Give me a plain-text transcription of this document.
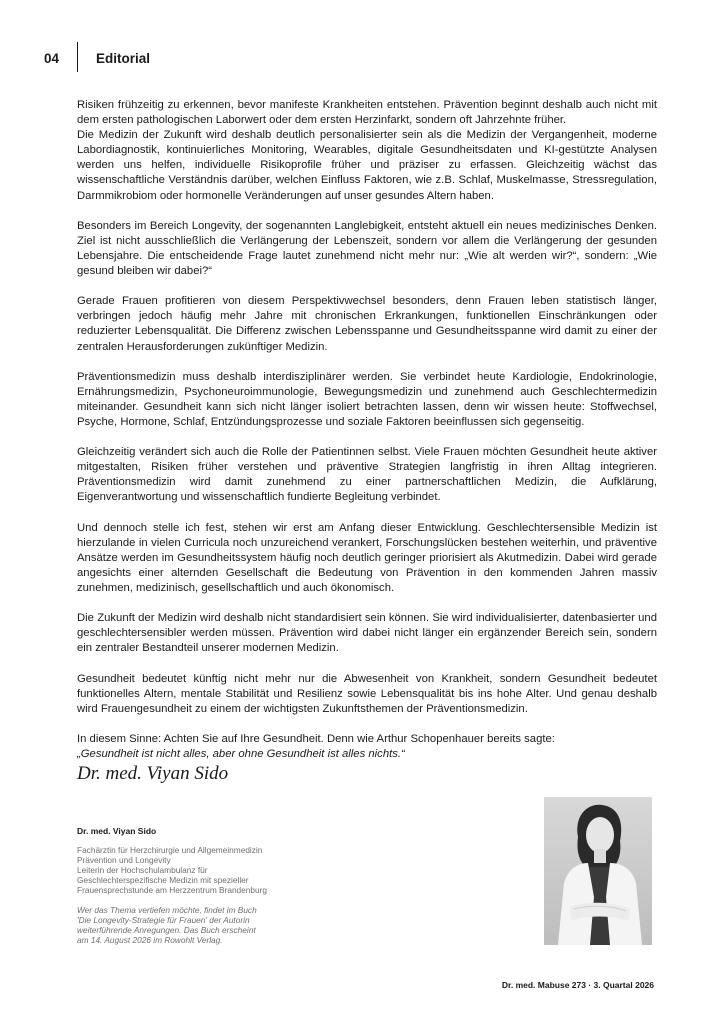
04	Editorial

Risiken frühzeitig zu erkennen, bevor manifeste Krankheiten entstehen. Prävention beginnt deshalb auch nicht mit dem ersten pathologischen Laborwert oder dem ersten Herzinfarkt, sondern oft Jahrzehnte früher.

Die Medizin der Zukunft wird deshalb deutlich personalisierter sein als die Medizin der Vergangenheit, moderne Labordiagnostik, kontinuierliches Monitoring, Wearables, digitale Gesundheitsdaten und KI-gestützte Analysen werden uns helfen, individuelle Risikoprofile früher und präziser zu erfassen. Gleichzeitig wächst das wissenschaftliche Verständnis darüber, welchen Einfluss Faktoren, wie z.B. Schlaf, Muskelmasse, Stressregulation, Darmmikrobiom oder hormonelle Veränderungen auf unser gesundes Altern haben.

Besonders im Bereich Longevity, der sogenannten Langlebigkeit, entsteht aktuell ein neues medizinisches Denken. Ziel ist nicht ausschließlich die Verlängerung der Lebenszeit, sondern vor allem die Verlängerung der gesunden Lebensjahre. Die entscheidende Frage lautet zunehmend nicht mehr nur: „Wie alt werden wir?“, sondern: „Wie gesund bleiben wir dabei?“

Gerade Frauen profitieren von diesem Perspektivwechsel besonders, denn Frauen leben statistisch länger, verbringen jedoch häufig mehr Jahre mit chronischen Erkrankungen, funktionellen Einschränkungen oder reduzierter Lebensqualität. Die Differenz zwischen Lebensspanne und Gesundheitsspanne wird damit zu einer der zentralen Herausforderungen zukünftiger Medizin.

Präventionsmedizin muss deshalb interdisziplinärer werden. Sie verbindet heute Kardiologie, Endokrinologie, Ernährungsmedizin, Psychoneuroimmunologie, Bewegungsmedizin und zunehmend auch Geschlechtermedizin miteinander. Gesundheit kann sich nicht länger isoliert betrachten lassen, denn wir wissen heute: Stoffwechsel, Psyche, Hormone, Schlaf, Entzündungsprozesse und soziale Faktoren beeinflussen sich gegenseitig.

Gleichzeitig verändert sich auch die Rolle der Patientinnen selbst. Viele Frauen möchten Gesundheit heute aktiver mitgestalten, Risiken früher verstehen und präventive Strategien langfristig in ihren Alltag integrieren. Präventionsmedizin wird damit zunehmend zu einer partnerschaftlichen Medizin, die Aufklärung, Eigenverantwortung und wissenschaftlich fundierte Begleitung verbindet.

Und dennoch stelle ich fest, stehen wir erst am Anfang dieser Entwicklung. Geschlechtersensible Medizin ist hierzulande in vielen Curricula noch unzureichend verankert, Forschungslücken bestehen weiterhin, und präventive Ansätze werden im Gesundheitssystem häufig noch deutlich geringer priorisiert als Akutmedizin. Dabei wird gerade angesichts einer alternden Gesellschaft die Bedeutung von Prävention in den kommenden Jahren massiv zunehmen, medizinisch, gesellschaftlich und auch ökonomisch.

Die Zukunft der Medizin wird deshalb nicht standardisiert sein können. Sie wird individualisierter, datenbasierter und geschlechtersensibler werden müssen. Prävention wird dabei nicht länger ein ergänzender Bereich sein, sondern ein zentraler Bestandteil unserer modernen Medizin.

Gesundheit bedeutet künftig nicht mehr nur die Abwesenheit von Krankheit, sondern Gesundheit bedeutet funktionelles Altern, mentale Stabilität und Resilienz sowie Lebensqualität bis ins hohe Alter. Und genau deshalb wird Frauengesundheit zu einem der wichtigsten Zukunftsthemen der Präventionsmedizin.

In diesem Sinne: Achten Sie auf Ihre Gesundheit. Denn wie Arthur Schopenhauer bereits sagte:

„Gesundheit ist nicht alles, aber ohne Gesundheit ist alles nichts.“

Dr. med. Viyan Sido
Dr. med. Viyan Sido
Fachärztin für Herzchirurgie und Allgemeinmedizin
Prävention und Longevity
Leiterin der Hochschulambulanz für
Geschlechterspezifische Medizin mit spezieller
Frauensprechstunde am Herzzentrum Brandenburg
Wer das Thema vertiefen möchte, findet im Buch
'Die Longevity-Strategie für Frauen' der Autorin
weiterführende Anregungen. Das Buch erscheint
am 14. August 2026 im Rowohlt Verlag.
Dr. med. Mabuse 273 · 3. Quartal 2026
